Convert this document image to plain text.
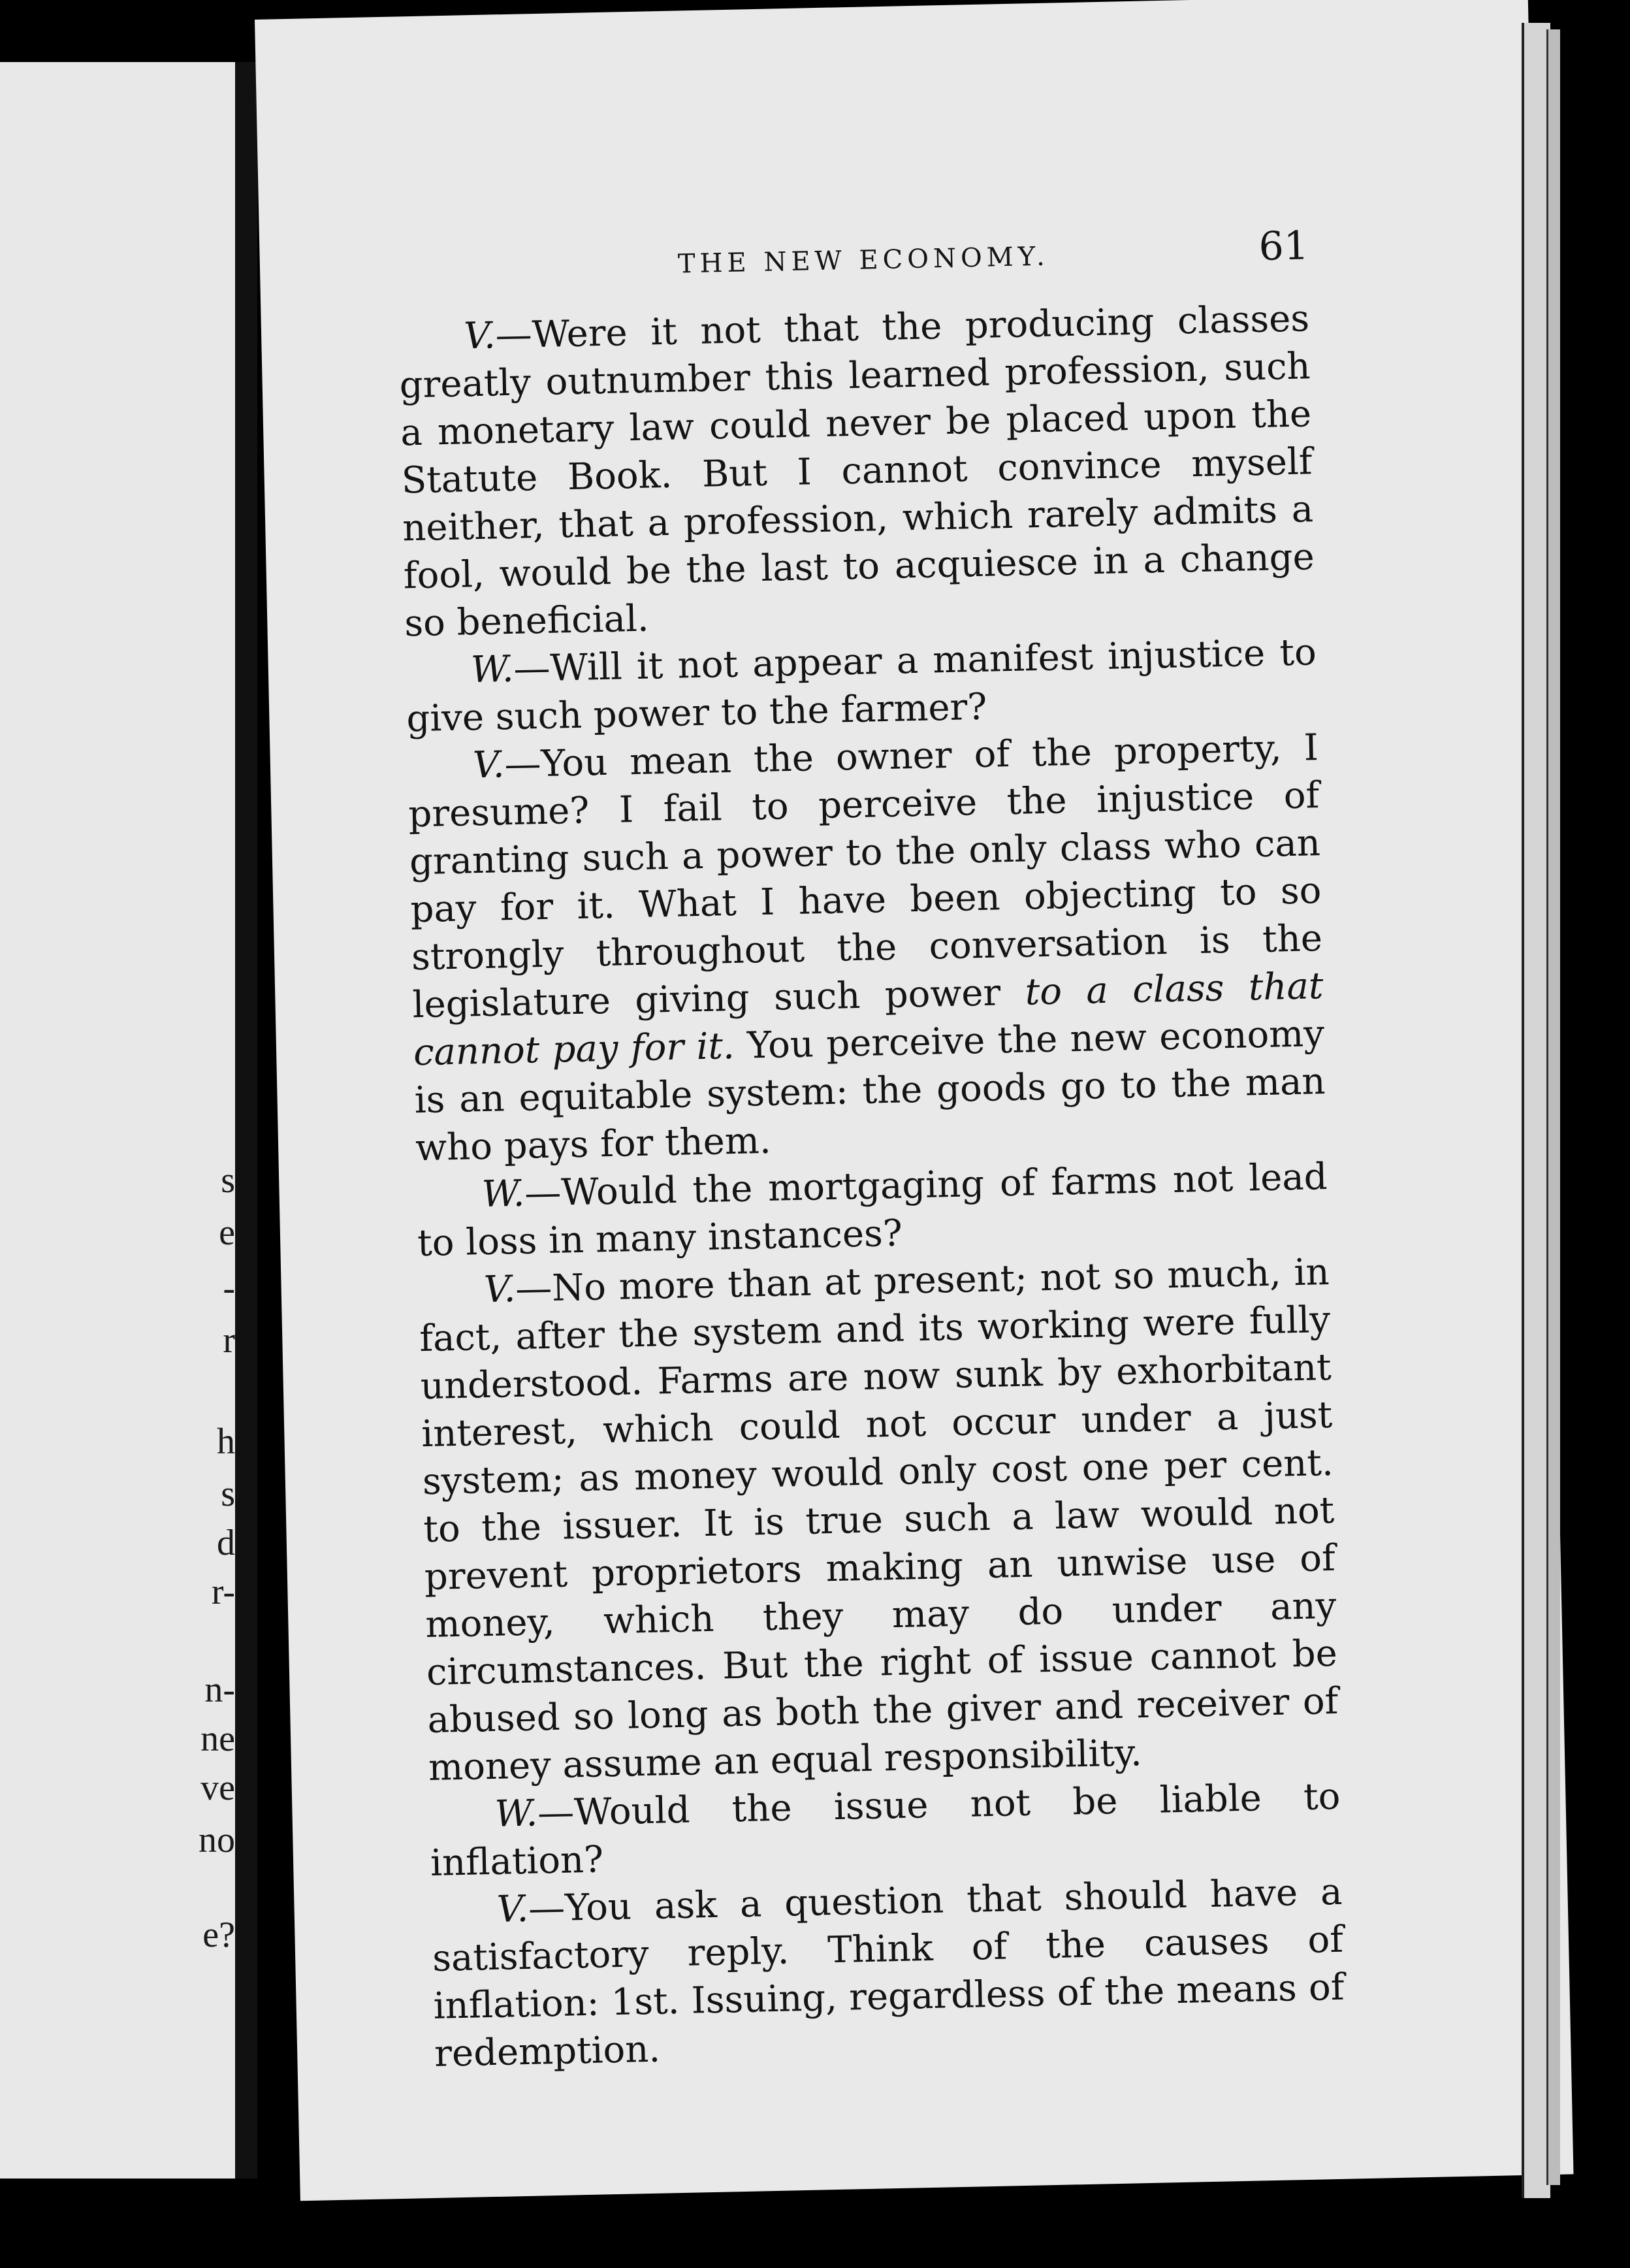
s
e
-
r
h
s
d
r-
n-
ne
ve
no
e?
THE NEW ECONOMY.	61

V.—Were it not that the producing classes greatly outnumber this learned profession, such a monetary law could never be placed upon the Statute Book. But I cannot convince myself neither, that a profession, which rarely admits a fool, would be the last to acquiesce in a change so beneficial.

W.—Will it not appear a manifest injustice to give such power to the farmer?

V.—You mean the owner of the property, I presume? I fail to perceive the injustice of granting such a power to the only class who can pay for it. What I have been objecting to so strongly throughout the conversation is the legislature giving such power to a class that cannot pay for it. You perceive the new economy is an equitable system: the goods go to the man who pays for them.

W.—Would the mortgaging of farms not lead to loss in many instances?

V.—No more than at present; not so much, in fact, after the system and its working were fully understood. Farms are now sunk by exhorbitant interest, which could not occur under a just system; as money would only cost one per cent. to the issuer. It is true such a law would not prevent proprietors making an unwise use of money, which they may do under any circumstances. But the right of issue cannot be abused so long as both the giver and receiver of money assume an equal responsibility.

W.—Would the issue not be liable to inflation?

V.—You ask a question that should have a satisfactory reply. Think of the causes of inflation: 1st. Issuing, regardless of the means of redemption.
